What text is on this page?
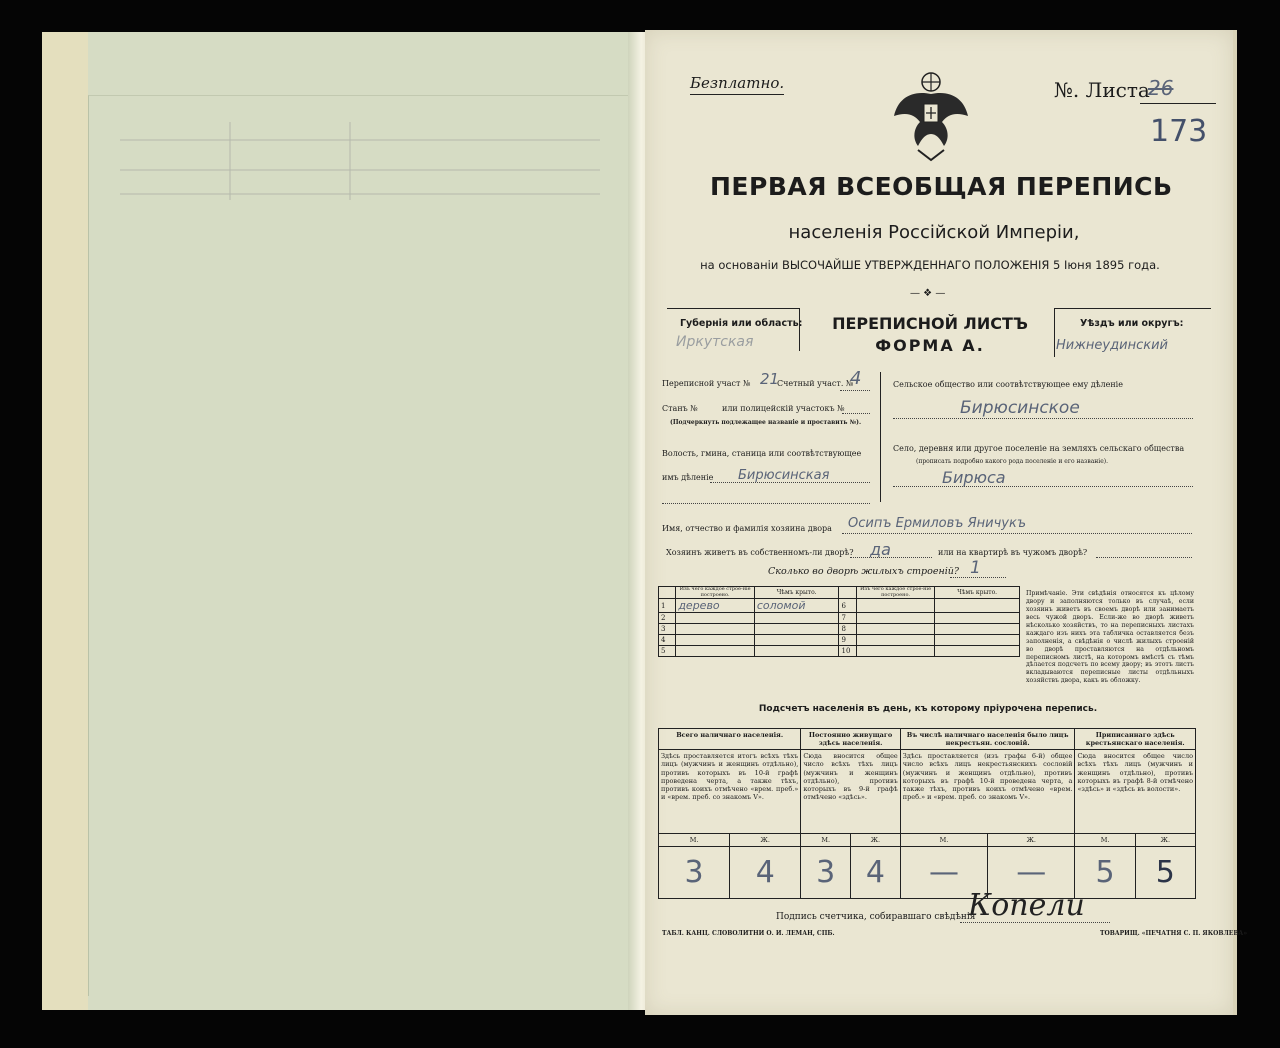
Безплатно.	№. Листа
26
173
ПЕРВАЯ ВСЕОБЩАЯ ПЕРЕПИСЬ
населенія Россійской Имперіи,
на основаніи ВЫСОЧАЙШЕ УТВЕРЖДЕННАГО ПОЛОЖЕНІЯ 5 Іюня 1895 года.
— ❖ —
Губернія или область:
Иркутская
ПЕРЕПИСНОЙ ЛИСТЪ
ФОРМА А.
Уѣздъ или округъ:
Нижнеудинский
Переписной участ № 21
Счетный участ. №
4
Станъ №	или полицейскій участокъ №
(Подчеркнуть подлежащее названіе и проставить №).
Волость, гмина, станица или соотвѣтствующее
имъ дѣленіе Бирюсинская
Сельское общество или соотвѣтствующее ему дѣленіе
Бирюсинское
Село, деревня или другое поселеніе на земляхъ сельскаго общества
(прописать подробно какого рода поселеніе и его названіе).
Бирюса
Имя, отчество и фамилія хозяина двора Осипъ Ермиловъ Яничукъ
Хозяинъ живетъ въ собственномъ-ли дворѣ? да	или на квартирѣ въ чужомъ дворѣ?
Сколько во дворѣ жилыхъ строеній? 1
	Изъ чего каждое строе-ніе построено.	Чѣмъ крыто.		Изъ чего каждое строе-ніе построено.	Чѣмъ крыто.
1	дерево	соломой	6		
2			7		
3			8		
4			9		
5			10		
Примѣчаніе. Эти свѣдѣнія относятся къ цѣлому двору и заполняются только въ случаѣ, если хозяинъ живетъ въ своемъ дворѣ или занимаетъ весь чужой дворъ. Если-же во дворѣ живетъ нѣсколько хозяйствъ, то на переписныхъ листахъ каждаго изъ нихъ эта табличка оставляется безъ заполненія, а свѣдѣнія о числѣ жилыхъ строеній во дворѣ проставляются на отдѣльномъ переписномъ листѣ, на которомъ вмѣстѣ съ тѣмъ дѣлается подсчетъ по всему двору; въ этотъ листъ вкладываются переписные листы отдѣльныхъ хозяйствъ двора, какъ въ обложку.
Подсчетъ населенія въ день, къ которому пріурочена перепись.
Всего наличнаго населенія.		Постоянно живущаго здѣсь населенія.		Въ числѣ наличнаго населенія было лицъ некрестьян. сословій.		Приписаннаго здѣсь крестьянскаго населенія.	
Здѣсь проставляется итогъ всѣхъ тѣхъ лицъ (мужчинъ и женщинъ отдѣльно), противъ которыхъ въ 10-й графѣ проведена черта, а также тѣхъ, противъ коихъ отмѣчено «врем. преб.» и «врем. преб. со знакомъ V».		Сюда вносится общее число всѣхъ тѣхъ лицъ (мужчинъ и женщинъ отдѣльно), противъ которыхъ въ 9-й графѣ отмѣчено «здѣсь».		Здѣсь проставляется (изъ графы 6-й) общее число всѣхъ лицъ некрестьянскихъ сословій (мужчинъ и женщинъ отдѣльно), противъ которыхъ въ графѣ 10-й проведена черта, а также тѣхъ, противъ коихъ отмѣчено «врем. преб.» и «врем. преб. со знакомъ V».		Сюда вносится общее число всѣхъ тѣхъ лицъ (мужчинъ и женщинъ отдѣльно), противъ которыхъ въ графѣ 8-й отмѣчено «здѣсь» и «здѣсь въ волости».	
М.	Ж.	М.	Ж.	М.	Ж.	М.	Ж.
3	4	3	4	—	—	5	5
Подпись счетчика, собиравшаго свѣдѣнія
Копели
ТАБЛ. КАНЦ. СЛОВОЛИТНИ О. И. ЛЕМАН, СПБ.	ТОВАРИЩ. «ПЕЧАТНЯ С. П. ЯКОВЛЕВА»
